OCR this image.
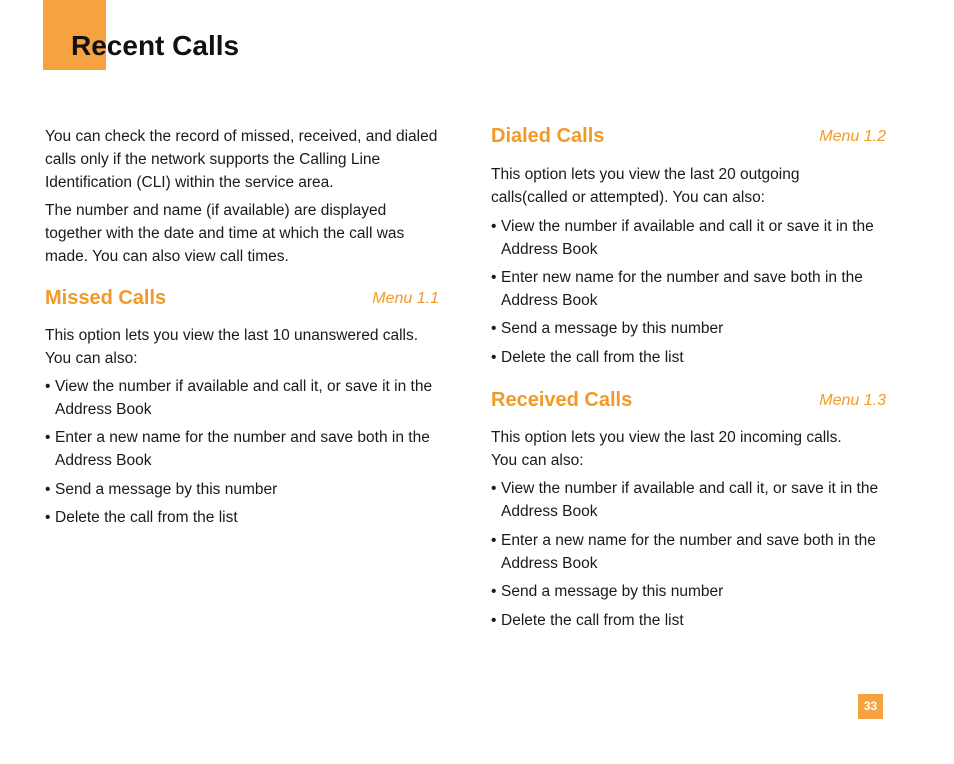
Recent Calls

You can check the record of missed, received, and dialed calls only if the network supports the Calling Line Identification (CLI) within the service area.

The number and name (if available) are displayed together with the date and time at which the call was made. You can also view call times.

Missed Calls	Menu 1.1

This option lets you view the last 10 unanswered calls. You can also:

• View the number if available and call it, or save it in the Address Book
• Enter a new name for the number and save both in the Address Book
• Send a message by this number
• Delete the call from the list
Dialed Calls	Menu 1.2

This option lets you view the last 20 outgoing calls(called or attempted). You can also:

• View the number if available and call it or save it in the Address Book
• Enter new name for the number and save both in the Address Book
• Send a message by this number
• Delete the call from the list
Received Calls	Menu 1.3

This option lets you view the last 20 incoming calls. You can also:

• View the number if available and call it, or save it in the Address Book
• Enter a new name for the number and save both in the Address Book
• Send a message by this number
• Delete the call from the list
33
